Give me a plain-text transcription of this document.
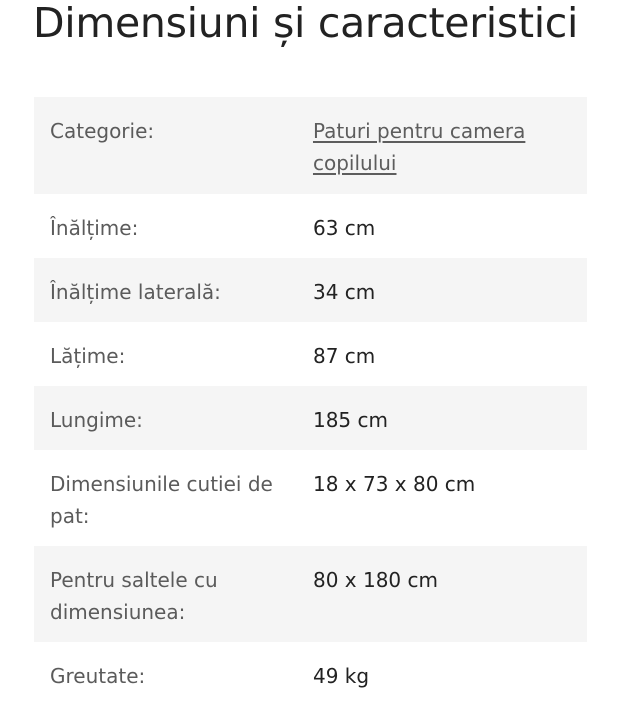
Dimensiuni și caracteristici
Categorie:	Paturi pentru camera copilului
Înălțime:	63 cm
Înălțime laterală:	34 cm
Lățime:	87 cm
Lungime:	185 cm
Dimensiunile cutiei de pat:
18 x 73 x 80 cm
Pentru saltele cu dimensiunea:
80 x 180 cm
Greutate:	49 kg
